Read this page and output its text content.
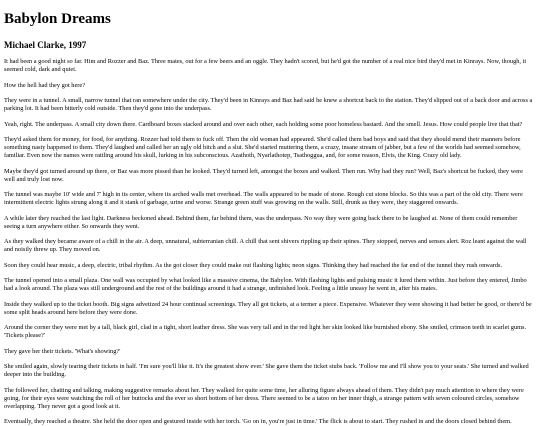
Babylon Dreams
Michael Clarke, 1997

It had been a good night so far. Him and Rozzer and Baz. Three mates, out for a few beers and an oggle. They hadn't scored, but he'd got the number of a real nice bird they'd met in Kinrays. Now, though, it seemed cold, dark and quiet.

How the hell had they got here?

They were in a tunnel. A small, narrow tunnel that ran somewhere under the city. They'd been in Kinrays and Baz had said he knew a shortcut back to the station. They'd slipped out of a back door and across a parking lot. It had been bitterly cold outside. Then they'd gone into the underpass.

Yeah, right. The underpass. A small city down there. Cardboard boxes stacked around and over each other, each holding some poor homeless bastard. And the smell. Jesus. How could people live that that?

They'd asked them for money, for food, for anything. Rozzer had told them to fuck off. Then the old woman had appeared. She'd called them bad boys and said that they should mend their manners before something nasty happened to them. They'd laughed and called her an ugly old bitch and a slut. She'd started muttering them, a crazy, insane stream of jabber, but a few of the worlds had seemed somehow, familiar. Even now the names were rattling around his skull, lurking in his subconscious. Azathoth, Nyarlathotep, Tsathoggua, and, for some reason, Elvis, the King. Crazy old lady.

Maybe they'd got turned around up there, or Baz was more pissed than he looked. They'd turned left, amongst the boxes and walked. Then run. Why had they run? Well, Baz's shortcut be fucked, they were well and truly lost now.

The tunnel was maybe 10' wide and 7' high in its center, where its arched walls met overhead. The walls appeared to be made of stone. Rough cut stone blocks. So this was a part of the old city. There were intermittent electric lights strung along it and it stank of garbage, urine and worse. Strange green stuff was growing on the walls. Still, drunk as they were, they staggered onwards.

A while later they reached the last light. Darkness beckoned ahead. Behind them, far behind them, was the underpass. No way they were going back there to be laughed at. None of them could remember seeing a turn anywhere either. So onwards they went.

As they walked they became aware of a chill in the air. A deep, unnatural, subterranian chill. A chill that sent shivers rippling up their spines. They stopped, nerves and senses alert. Roz leant against the wall and noisily threw up. They moved on.

Soon they could hear music, a deep, electric, tribal rhythm. As the got closer they could make out flashing lights; neon signs. Thinking they had reached the far end of the tunnel they rush onwards.

The tunnel opened into a small plaza. One wall was occupied by what looked like a massive cinema, the Babylon. With flashing lights and pulsing music it lured them within. Just before they entered, Jimbo had a look around. The plaza was still underground and the rest of the buildings around it had a strange, unfinished look. Feeling a little uneasy he went in, after his mates.

Inside they walked up to the ticket booth. Big signs advetized 24 hour continual screenings. They all got tickets, at a termer a piece. Expensive. Whatever they were showing it had better be good, or there'd be some split heads around here before they were done.

Around the corner they were met by a tall, black girl, clad in a tight, short leather dress. She was very tall and in the red light her skin looked like burnished ebony. She smiled, crimson teeth in scarlet gums. 'Tickets please?'

They gave her their tickets. 'What's showing?'

She smiled again, slowly tearing their tickets in half. 'I'm sure you'll like it. It's the greatest show ever.' She gave them the ticket stubs back. 'Follow me and I'll show you to your seats.' She turned and walked deeper into the building.

The followed her, chatting and talking, making suggestive remarks about her. They walked for quite some time, her alluring figure always ahead of them. They didn't pay much attention to where they were going, for their eyes were watching the roll of her buttocks and the ever so short bottom of her dress. There seemed to be a tatoo on her inner thigh, a strange pattern with seven coloured circles, somehow overlapping. They never got a good look at it.

Eventually, they reached a theatre. She held the door open and gestured inside with her torch. 'Go on in, you're just in time.' The flick is about to start. They rushed in and the doors closed behind them.
